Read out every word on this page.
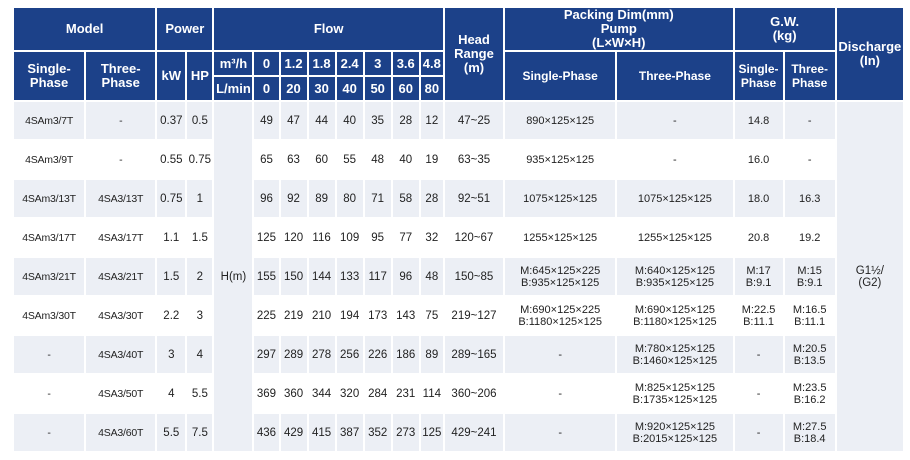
Model		Power		Flow								Head
Range
(m)	Packing Dim(mm)
Pump
(L×W×H)		G.W.
(kg)		Discharge
(In)

Single-
Phase	Three-
Phase	kW	HP	m³/h	0	1.2	1.8	2.4	3	3.6	4.8		Single-Phase	Three-Phase	Single-
Phase	Three-
Phase	

				L/min	0	20	30	40	50	60	80						
4SAm3/7T	-	0.37	0.5	H(m)	49	47	44	40	35	28	12	47~25	890×125×125	-	14.8	-	G1½/
(G2)

4SAm3/9T	-	0.55	0.75		65	63	60	55	48	40	19	63~35	935×125×125	-	16.0	-	

4SAm3/13T	4SA3/13T	0.75	1		96	92	89	80	71	58	28	92~51	1075×125×125	1075×125×125	18.0	16.3	

4SAm3/17T	4SA3/17T	1.1	1.5		125	120	116	109	95	77	32	120~67	1255×125×125	1255×125×125	20.8	19.2	

4SAm3/21T	4SA3/21T	1.5	2		155	150	144	133	117	96	48	150~85	M:645×125×225
B:935×125×125	M:640×125×125
B:935×125×125	M:17
B:9.1	M:15
B:9.1	

4SAm3/30T	4SA3/30T	2.2	3		225	219	210	194	173	143	75	219~127	M:690×125×225
B:1180×125×125	M:690×125×125
B:1180×125×125	M:22.5
B:11.1	M:16.5
B:11.1	

-	4SA3/40T	3	4		297	289	278	256	226	186	89	289~165	-	M:780×125×125
B:1460×125×125	-	M:20.5
B:13.5	

-	4SA3/50T	4	5.5		369	360	344	320	284	231	114	360~206	-	M:825×125×125
B:1735×125×125	-	M:23.5
B:16.2	

-	4SA3/60T	5.5	7.5		436	429	415	387	352	273	125	429~241	-	M:920×125×125
B:2015×125×125	-	M:27.5
B:18.4	
